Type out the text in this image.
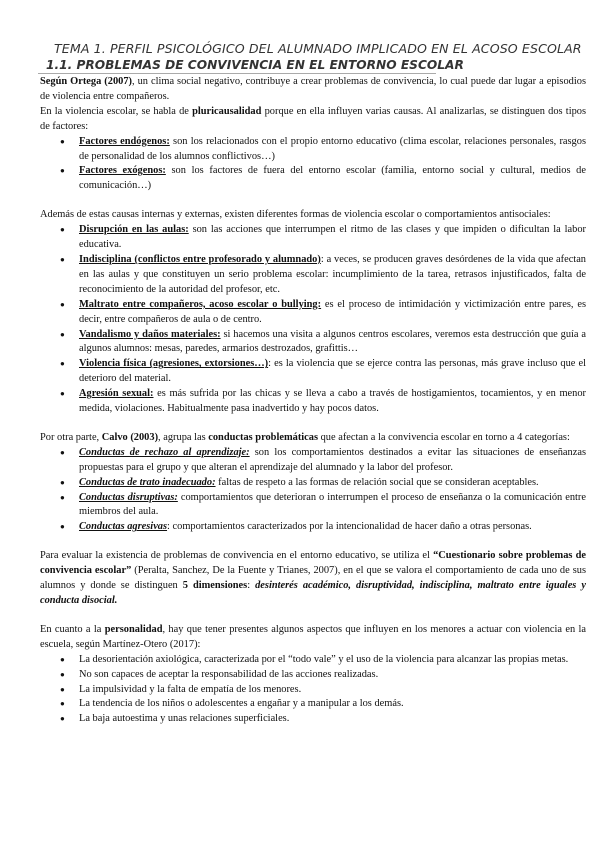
TEMA 1. PERFIL PSICOLÓGICO DEL ALUMNADO IMPLICADO EN EL ACOSO ESCOLAR
1.1. PROBLEMAS DE CONVIVENCIA EN EL ENTORNO ESCOLAR

Según Ortega (2007), un clima social negativo, contribuye a crear problemas de convivencia, lo cual puede dar lugar a episodios de violencia entre compañeros.

En la violencia escolar, se habla de pluricausalidad porque en ella influyen varias causas. Al analizarlas, se distinguen dos tipos de factores:

● Factores endógenos: son los relacionados con el propio entorno educativo (clima escolar, relaciones personales, rasgos de personalidad de los alumnos conflictivos…)
● Factores exógenos: son los factores de fuera del entorno escolar (familia, entorno social y cultural, medios de comunicación…)

Además de estas causas internas y externas, existen diferentes formas de violencia escolar o comportamientos antisociales:

● Disrupción en las aulas: son las acciones que interrumpen el ritmo de las clases y que impiden o dificultan la labor educativa.
● Indisciplina (conflictos entre profesorado y alumnado): a veces, se producen graves desórdenes de la vida que afectan en las aulas y que constituyen un serio problema escolar: incumplimiento de la tarea, retrasos injustificados, falta de reconocimiento de la autoridad del profesor, etc.
● Maltrato entre compañeros, acoso escolar o bullying: es el proceso de intimidación y victimización entre pares, es decir, entre compañeros de aula o de centro.
● Vandalismo y daños materiales: si hacemos una visita a algunos centros escolares, veremos esta destrucción que guía a algunos alumnos: mesas, paredes, armarios destrozados, grafittis…
● Violencia física (agresiones, extorsiones…): es la violencia que se ejerce contra las personas, más grave incluso que el deterioro del material.
● Agresión sexual: es más sufrida por las chicas y se lleva a cabo a través de hostigamientos, tocamientos, y en menor medida, violaciones. Habitualmente pasa inadvertido y hay pocos datos.

Por otra parte, Calvo (2003), agrupa las conductas problemáticas que afectan a la convivencia escolar en torno a 4 categorías:

● Conductas de rechazo al aprendizaje: son los comportamientos destinados a evitar las situaciones de enseñanzas propuestas para el grupo y que alteran el aprendizaje del alumnado y la labor del profesor.
● Conductas de trato inadecuado: faltas de respeto a las formas de relación social que se consideran aceptables.
● Conductas disruptivas: comportamientos que deterioran o interrumpen el proceso de enseñanza o la comunicación entre miembros del aula.
● Conductas agresivas: comportamientos caracterizados por la intencionalidad de hacer daño a otras personas.

Para evaluar la existencia de problemas de convivencia en el entorno educativo, se utiliza el “Cuestionario sobre problemas de convivencia escolar” (Peralta, Sanchez, De la Fuente y Trianes, 2007), en el que se valora el comportamiento de cada uno de sus alumnos y donde se distinguen 5 dimensiones: desinterés académico, disruptividad, indisciplina, maltrato entre iguales y conducta disocial.

En cuanto a la personalidad, hay que tener presentes algunos aspectos que influyen en los menores a actuar con violencia en la escuela, según Martínez-Otero (2017):

● La desorientación axiológica, caracterizada por el “todo vale” y el uso de la violencia para alcanzar las propias metas.
● No son capaces de aceptar la responsabilidad de las acciones realizadas.
● La impulsividad y la falta de empatía de los menores.
● La tendencia de los niños o adolescentes a engañar y a manipular a los demás.
● La baja autoestima y unas relaciones superficiales.
